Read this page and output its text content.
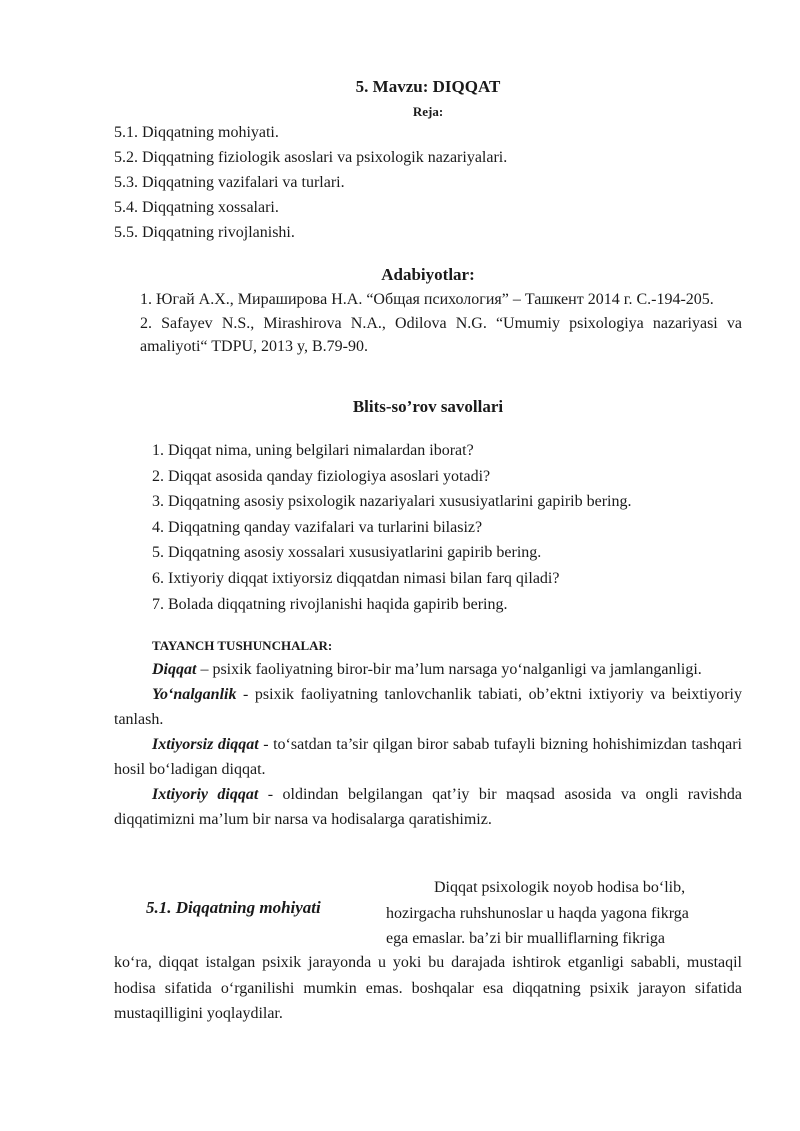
5. Mavzu: DIQQAT
Reja:
5.1. Diqqatning mohiyati.
5.2. Diqqatning fiziologik asoslari va psixologik nazariyalari.
5.3. Diqqatning vazifalari va turlari.
5.4. Diqqatning xossalari.
5.5. Diqqatning rivojlanishi.
Adabiyotlar:

1. Югай А.Х., Мирашировa Н.А. “Общая психология” – Ташкент 2014 г. С.-194-205.

2. Safayev N.S., Mirashirova N.A., Odilova N.G. “Umumiy psixologiya nazariyasi va amaliyoti“ TDPU, 2013 y, B.79-90.

Blits-so’rov savollari
1. Diqqat nima, uning belgilari nimalardan iborat?
2. Diqqat asosida qanday fiziologiya asoslari yotadi?
3. Diqqatning asosiy psixologik nazariyalari xususiyatlarini gapirib bering.
4. Diqqatning qanday vazifalari va turlarini bilasiz?
5. Diqqatning asosiy xossalari xususiyatlarini gapirib bering.
6. Ixtiyoriy diqqat ixtiyorsiz diqqatdan nimasi bilan farq qiladi?
7. Bolada diqqatning rivojlanishi haqida gapirib bering.
TAYANCH TUSHUNCHALAR:

Diqqat – psixik faoliyatning biror-bir ma’lum narsaga yo‘nalganligi va jamlanganligi.

Yo‘nalganlik - psixik faoliyatning tanlovchanlik tabiati, ob’ektni ixtiyoriy va beixtiyoriy tanlash.

Ixtiyorsiz diqqat - to‘satdan ta’sir qilgan biror sabab tufayli bizning hohishimizdan tashqari hosil bo‘ladigan diqqat.

Ixtiyoriy diqqat - oldindan belgilangan qat’iy bir maqsad asosida va ongli ravishda diqqatimizni ma’lum bir narsa va hodisalarga qaratishimiz.

5.1. Diqqatning mohiyati
Diqqat psixologik noyob hodisa bo‘lib,
hozirgacha ruhshunoslar u haqda yagona fikrga
ega emaslar. ba’zi bir mualliflarning fikriga

ko‘ra, diqqat istalgan psixik jarayonda u yoki bu darajada ishtirok etganligi sababli, mustaqil hodisa sifatida o‘rganilishi mumkin emas. boshqalar esa diqqatning psixik jarayon sifatida mustaqilligini yoqlaydilar.
